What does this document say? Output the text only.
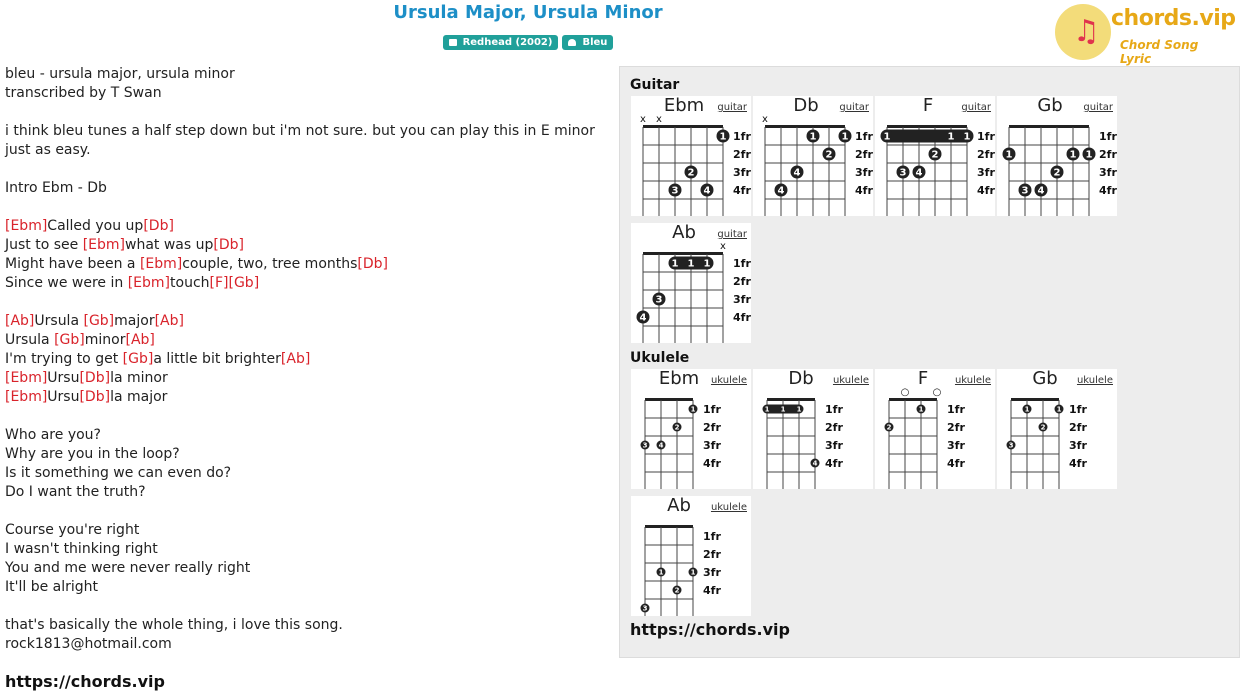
Ursula Major, Ursula Minor
Redhead (2002)	Bleu	♫ chords.vip
Chord Song Lyric
bleu - ursula major, ursula minor
transcribed by T Swan
i think bleu tunes a half step down but i'm not sure. but you can play this in E minor just as easy.
Intro Ebm - Db
[Ebm]Called you up[Db]
Just to see [Ebm]what was up[Db]
Might have been a [Ebm]couple, two, tree months[Db]
Since we were in [Ebm]touch[F][Gb]
[Ab]Ursula [Gb]major[Ab]
Ursula [Gb]minor[Ab]
I'm trying to get [Gb]a little bit brighter[Ab]
[Ebm]Ursu[Db]la minor
[Ebm]Ursu[Db]la major
Who are you?
Why are you in the loop?
Is it something we can even do?
Do I want the truth?
Course you're right
I wasn't thinking right
You and me were never really right
It'll be alright
that's basically the whole thing, i love this song.
rock1813@hotmail.com
https://chords.vip
Guitar
Ukulele
https://chords.vip
Ebm	guitar
1fr
2fr
3fr
4fr
x x
1
2
3	4
Db	guitar
1fr
2fr
3fr
4fr
x
1	1
2
4
4
F	guitar
1fr
2fr
3fr
4fr
1	1 1
2
3 4
Gb	guitar
1fr
2fr
3fr
4fr
1	1 1
2
3 4
Ab	guitar
1fr
2fr
3fr
4fr
x
1 1 1
3
4
Ebm	ukulele
1fr
2fr
3fr
4fr
1
2
3 4
Db	ukulele
1fr
2fr
3fr
4fr
1 1 1
4
F	ukulele
1fr
2fr
3fr
4fr
○ ○
1
2
Gb	ukulele
1fr
2fr
3fr
4fr
1	1
2
3
Ab	ukulele
1fr
2fr
3fr
4fr
1	1
2
3
